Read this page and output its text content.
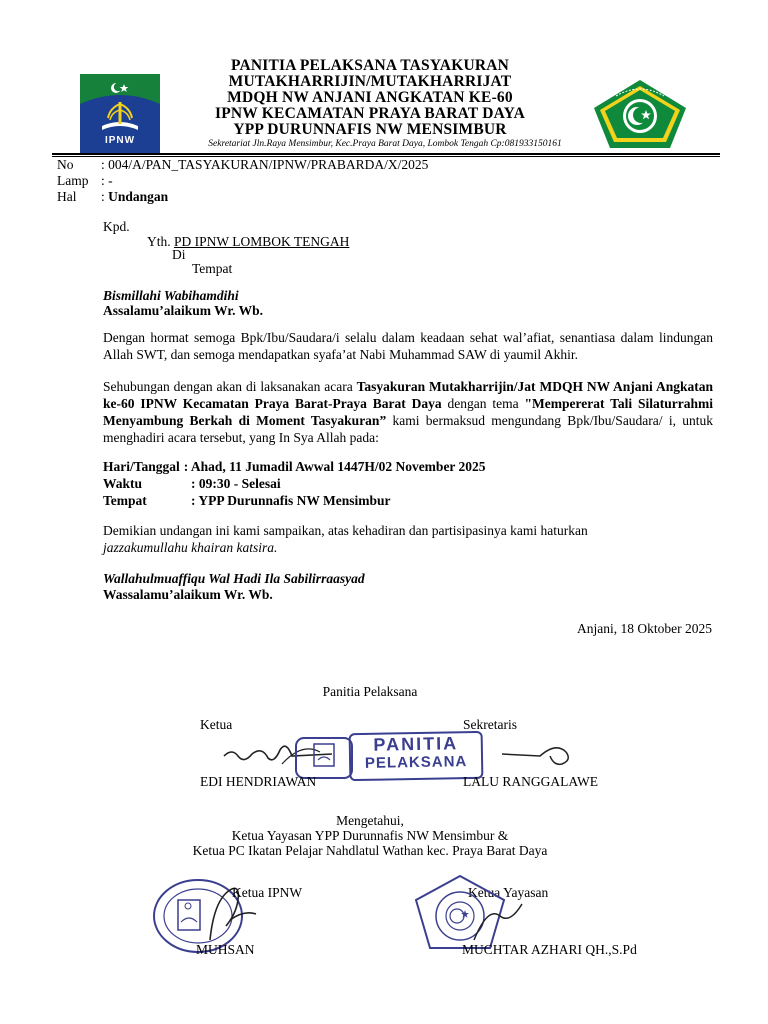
IPNW
PANITIA PELAKSANA TASYAKURAN
MUTAKHARRIJIN/MUTAKHARRIJAT
MDQH NW ANJANI ANGKATAN KE-60
IPNW KECAMATAN PRAYA BARAT DAYA
YPP DURUNNAFIS NW MENSIMBUR
Sekretariat Jln.Raya Mensimbur, Kec.Praya Barat Daya, Lombok Tengah Cp:081933150161
No	: 004/A/PAN_TASYAKURAN/IPNW/PRABARDA/X/2025
Lamp : -
Hal	: Undangan
Kpd.
Yth. PD IPNW LOMBOK TENGAH
Di
Tempat
Bismillahi Wabihamdihi
Assalamu’alaikum Wr. Wb.
Dengan hormat semoga Bpk/Ibu/Saudara/i selalu dalam keadaan sehat wal’afiat, senantiasa dalam lindungan Allah SWT, dan semoga mendapatkan syafa’at Nabi Muhammad SAW di yaumil Akhir.
Sehubungan dengan akan di laksanakan acara Tasyakuran Mutakharrijin/Jat MDQH NW Anjani Angkatan ke-60 IPNW Kecamatan Praya Barat-Praya Barat Daya dengan tema "Mempererat Tali Silaturrahmi Menyambung Berkah di Moment Tasyakuran” kami bermaksud mengundang Bpk/Ibu/Saudara/ i, untuk menghadiri acara tersebut, yang In Sya Allah pada:
Hari/Tanggal : Ahad, 11 Jumadil Awwal 1447H/02 November 2025
Waktu	: 09:30 - Selesai
Tempat	: YPP Durunnafis NW Mensimbur
Demikian undangan ini kami sampaikan, atas kehadiran dan partisipasinya kami haturkan
jazzakumullahu khairan katsira.
Wallahulmuaffiqu Wal Hadi Ila Sabilirraasyad
Wassalamu’alaikum Wr. Wb.
Anjani, 18 Oktober 2025
Panitia Pelaksana
Ketua	Sekretaris
PANITIA
PELAKSANA
EDI HENDRIAWAN	LALU RANGGALAWE
Mengetahui,
Ketua Yayasan YPP Durunnafis NW Mensimbur &
Ketua PC Ikatan Pelajar Nahdlatul Wathan kec. Praya Barat Daya
Ketua IPNW	Ketua Yayasan
MUHSAN	MUCHTAR AZHARI QH.,S.Pd
